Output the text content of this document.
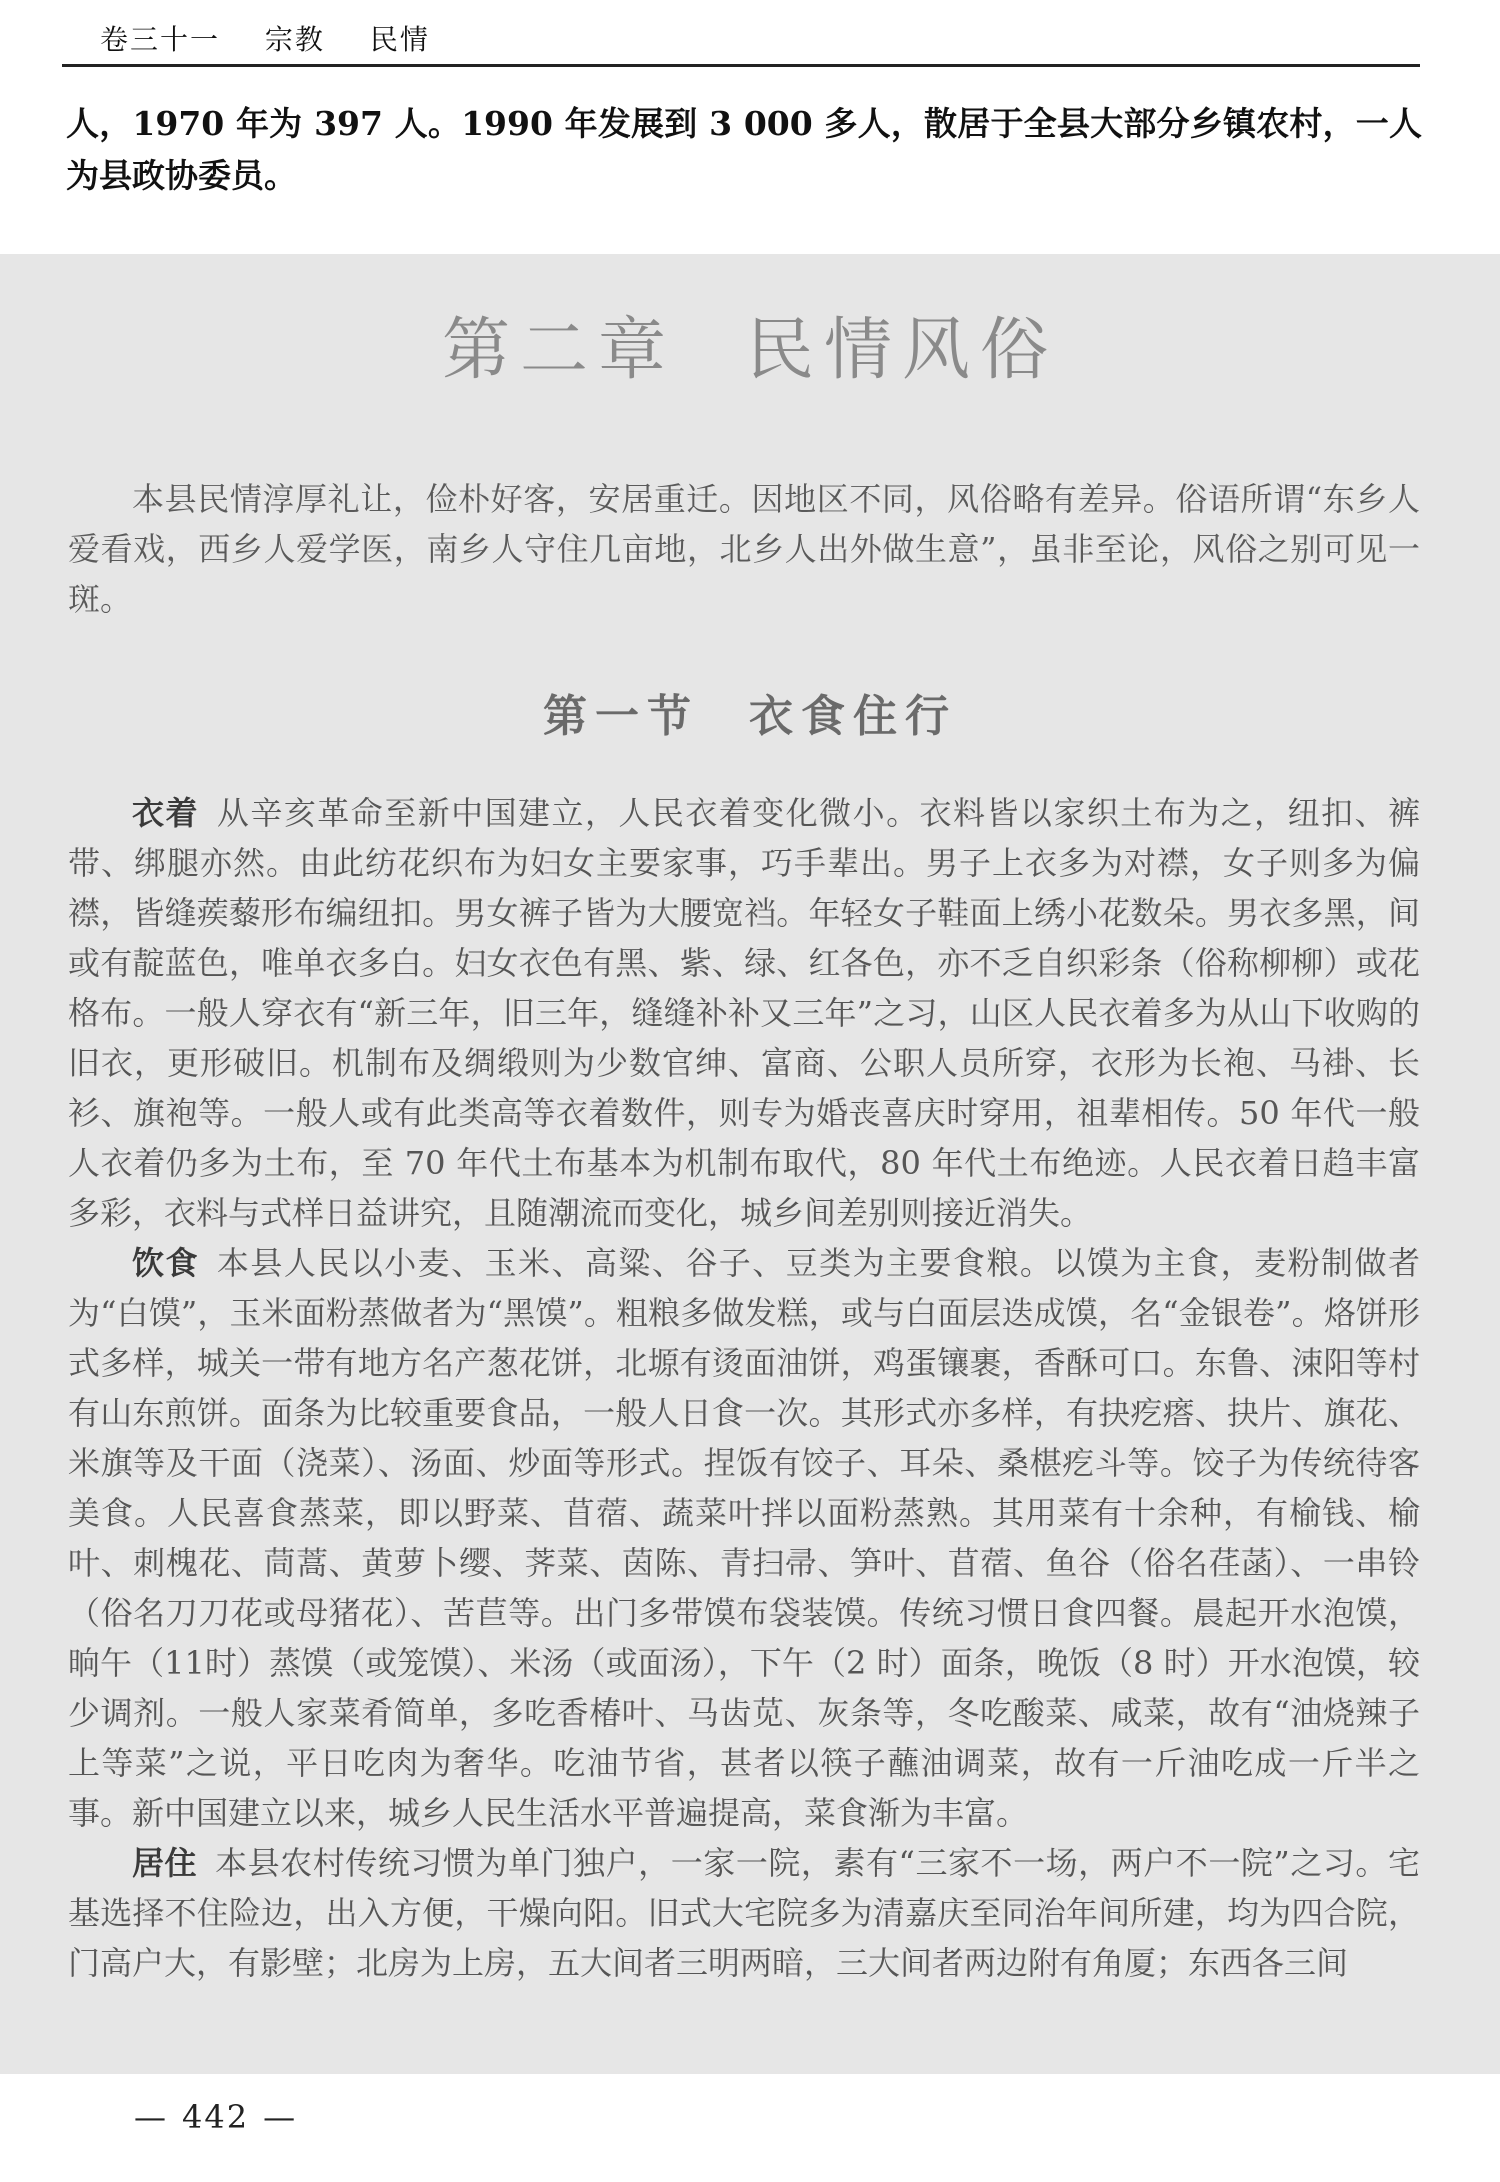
卷三十一 宗教 民情
人，1970 年为 397 人。1990 年发展到 3 000 多人，散居于全县大部分乡镇农村，一人为县政协委员。
第二章 民情风俗
本县民情淳厚礼让，俭朴好客，安居重迁。因地区不同，风俗略有差异。俗语所谓“东乡人爱看戏，西乡人爱学医，南乡人守住几亩地，北乡人出外做生意”，虽非至论，风俗之别可见一斑。
第一节 衣食住行

衣着 从辛亥革命至新中国建立，人民衣着变化微小。衣料皆以家织土布为之，纽扣、裤带、绑腿亦然。由此纺花织布为妇女主要家事，巧手辈出。男子上衣多为对襟，女子则多为偏襟，皆缝蒺藜形布编纽扣。男女裤子皆为大腰宽裆。年轻女子鞋面上绣小花数朵。男衣多黑，间或有靛蓝色，唯单衣多白。妇女衣色有黑、紫、绿、红各色，亦不乏自织彩条（俗称柳柳）或花格布。一般人穿衣有“新三年，旧三年，缝缝补补又三年”之习，山区人民衣着多为从山下收购的旧衣，更形破旧。机制布及绸缎则为少数官绅、富商、公职人员所穿，衣形为长袍、马褂、长衫、旗袍等。一般人或有此类高等衣着数件，则专为婚丧喜庆时穿用，祖辈相传。50 年代一般人衣着仍多为土布，至 70 年代土布基本为机制布取代，80 年代土布绝迹。人民衣着日趋丰富多彩，衣料与式样日益讲究，且随潮流而变化，城乡间差别则接近消失。

饮食 本县人民以小麦、玉米、高粱、谷子、豆类为主要食粮。以馍为主食，麦粉制做者为“白馍”，玉米面粉蒸做者为“黑馍”。粗粮多做发糕，或与白面层迭成馍，名“金银卷”。烙饼形式多样，城关一带有地方名产葱花饼，北塬有烫面油饼，鸡蛋镶裹，香酥可口。东鲁、涑阳等村有山东煎饼。面条为比较重要食品，一般人日食一次。其形式亦多样，有抉疙瘩、抉片、旗花、米旗等及干面（浇菜）、汤面、炒面等形式。捏饭有饺子、耳朵、桑椹疙斗等。饺子为传统待客美食。人民喜食蒸菜，即以野菜、苜蓿、蔬菜叶拌以面粉蒸熟。其用菜有十余种，有榆钱、榆叶、刺槐花、茼蒿、黄萝卜缨、荠菜、茵陈、青扫帚、笋叶、苜蓿、鱼谷（俗名荏菡）、一串铃（俗名刀刀花或母猪花）、苦苣等。出门多带馍布袋装馍。传统习惯日食四餐。晨起开水泡馍，晌午（11时）蒸馍（或笼馍）、米汤（或面汤），下午（2 时）面条，晚饭（8 时）开水泡馍，较少调剂。一般人家菜肴简单，多吃香椿叶、马齿苋、灰条等，冬吃酸菜、咸菜，故有“油烧辣子上等菜”之说，平日吃肉为奢华。吃油节省，甚者以筷子蘸油调菜，故有一斤油吃成一斤半之事。新中国建立以来，城乡人民生活水平普遍提高，菜食渐为丰富。

居住 本县农村传统习惯为单门独户，一家一院，素有“三家不一场，两户不一院”之习。宅基选择不住险边，出入方便，干燥向阳。旧式大宅院多为清嘉庆至同治年间所建，均为四合院，门高户大，有影壁；北房为上房，五大间者三明两暗，三大间者两边附有角厦；东西各三间

— 442 —
